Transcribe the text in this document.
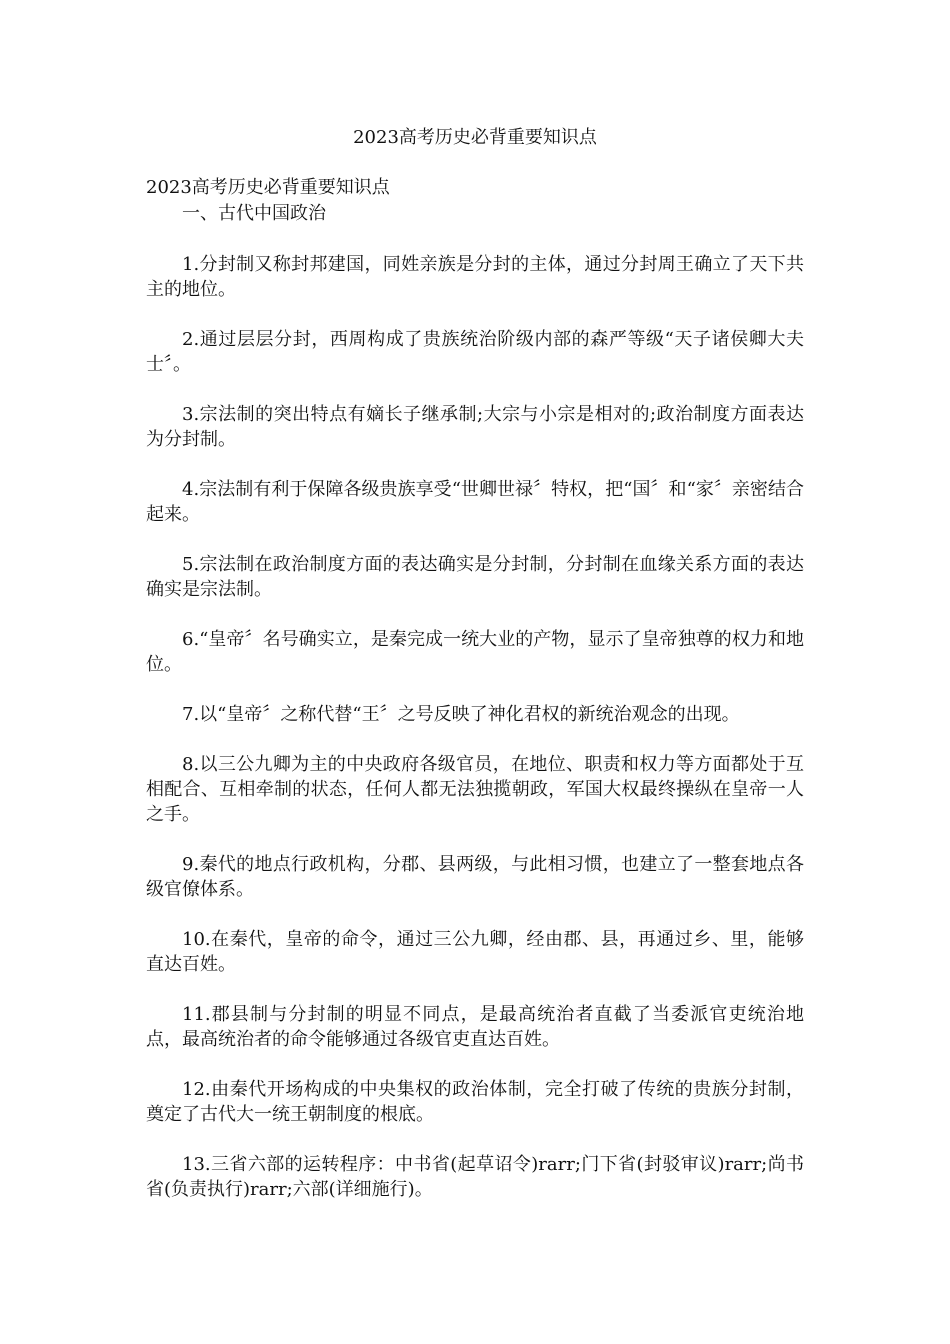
2023高考历史必背重要知识点

2023高考历史必背重要知识点

一、古代中国政治

1.分封制又称封邦建国，同姓亲族是分封的主体，通过分封周王确立了天下共主的地位。

2.通过层层分封，西周构成了贵族统治阶级内部的森严等级“天子诸侯卿大夫士〞。

3.宗法制的突出特点有嫡长子继承制;大宗与小宗是相对的;政治制度方面表达为分封制。

4.宗法制有利于保障各级贵族享受“世卿世禄〞特权，把“国〞和“家〞亲密结合起来。

5.宗法制在政治制度方面的表达确实是分封制，分封制在血缘关系方面的表达确实是宗法制。

6.“皇帝〞名号确实立，是秦完成一统大业的产物，显示了皇帝独尊的权力和地位。

7.以“皇帝〞之称代替“王〞之号反映了神化君权的新统治观念的出现。

8.以三公九卿为主的中央政府各级官员，在地位、职责和权力等方面都处于互相配合、互相牵制的状态，任何人都无法独揽朝政，军国大权最终操纵在皇帝一人之手。

9.秦代的地点行政机构，分郡、县两级，与此相习惯，也建立了一整套地点各级官僚体系。

10.在秦代，皇帝的命令，通过三公九卿，经由郡、县，再通过乡、里，能够直达百姓。

11.郡县制与分封制的明显不同点，是最高统治者直截了当委派官吏统治地点，最高统治者的命令能够通过各级官吏直达百姓。

12.由秦代开场构成的中央集权的政治体制，完全打破了传统的贵族分封制，奠定了古代大一统王朝制度的根底。

13.三省六部的运转程序：中书省(起草诏令)rarr;门下省(封驳审议)rarr;尚书省(负责执行)rarr;六部(详细施行)。
